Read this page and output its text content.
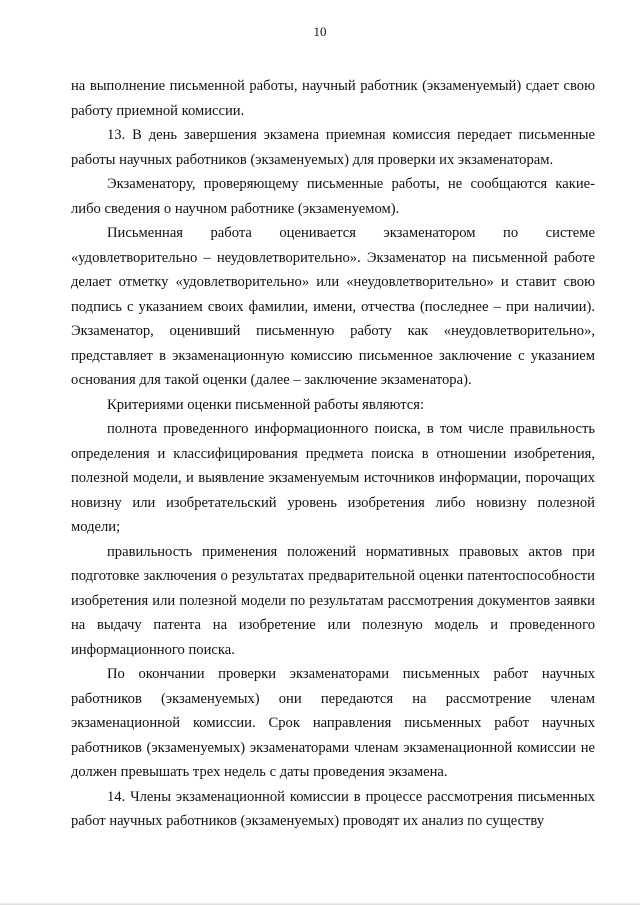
10

на выполнение письменной работы, научный работник (экзаменуемый) сдает свою работу приемной комиссии.

13. В день завершения экзамена приемная комиссия передает письменные работы научных работников (экзаменуемых) для проверки их экзаменаторам.

Экзаменатору, проверяющему письменные работы, не сообщаются какие-либо сведения о научном работнике (экзаменуемом).

Письменная работа оценивается экзаменатором по системе «удовлетворительно – неудовлетворительно». Экзаменатор на письменной работе делает отметку «удовлетворительно» или «неудовлетворительно» и ставит свою подпись с указанием своих фамилии, имени, отчества (последнее – при наличии). Экзаменатор, оценивший письменную работу как «неудовлетворительно», представляет в экзаменационную комиссию письменное заключение с указанием основания для такой оценки (далее – заключение экзаменатора).

Критериями оценки письменной работы являются:

полнота проведенного информационного поиска, в том числе правильность определения и классифицирования предмета поиска в отношении изобретения, полезной модели, и выявление экзаменуемым источников информации, порочащих новизну или изобретательский уровень изобретения либо новизну полезной модели;

правильность применения положений нормативных правовых актов при подготовке заключения о результатах предварительной оценки патентоспособности изобретения или полезной модели по результатам рассмотрения документов заявки на выдачу патента на изобретение или полезную модель и проведенного информационного поиска.

По окончании проверки экзаменаторами письменных работ научных работников (экзаменуемых) они передаются на рассмотрение членам экзаменационной комиссии. Срок направления письменных работ научных работников (экзаменуемых) экзаменаторами членам экзаменационной комиссии не должен превышать трех недель с даты проведения экзамена.

14. Члены экзаменационной комиссии в процессе рассмотрения письменных работ научных работников (экзаменуемых) проводят их анализ по существу
